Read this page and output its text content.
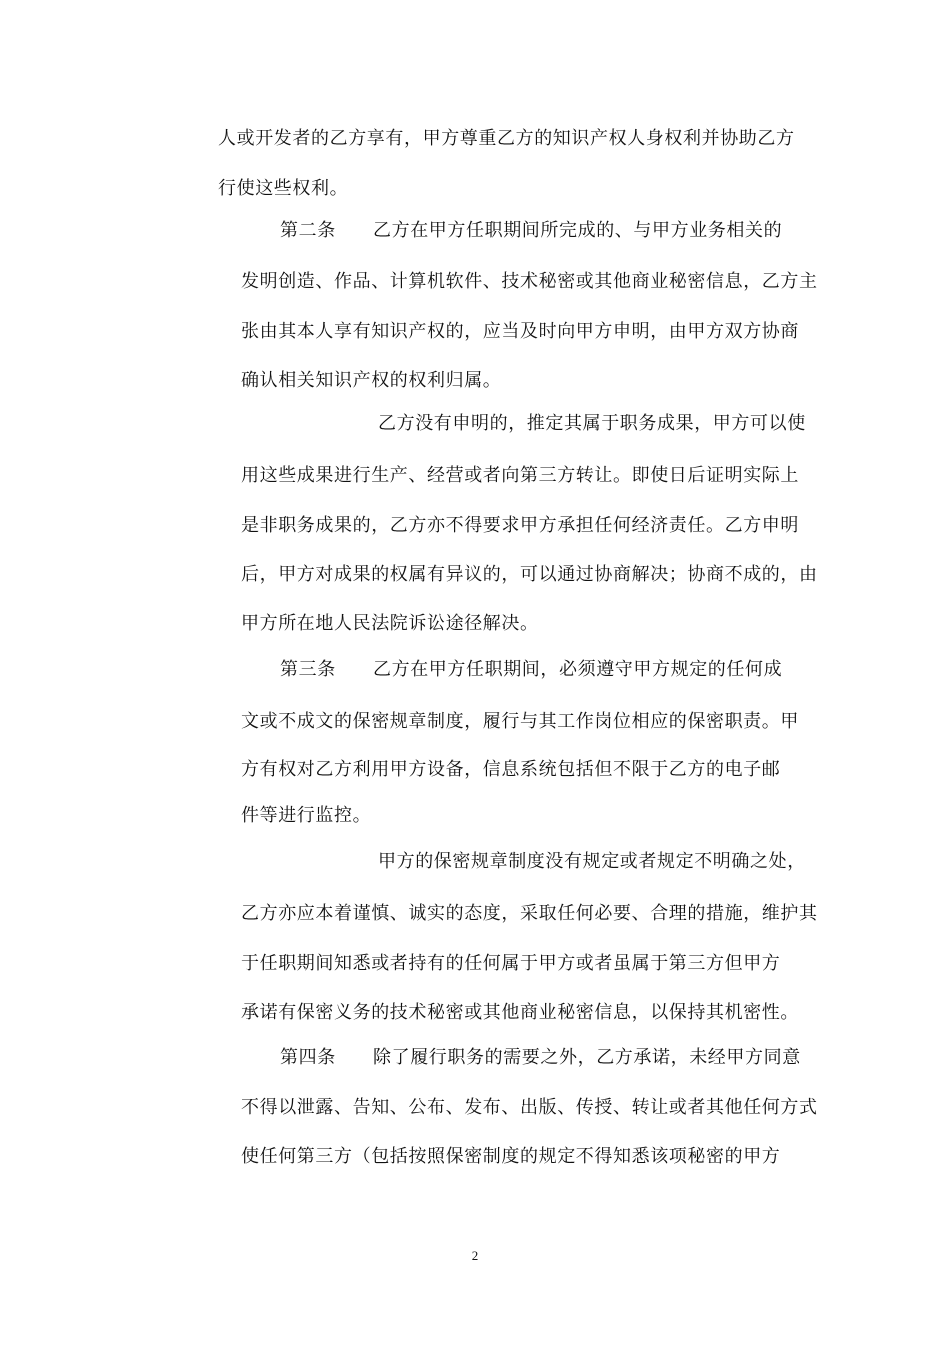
人或开发者的乙方享有，甲方尊重乙方的知识产权人身权利并协助乙方
行使这些权利。
第二条　　乙方在甲方任职期间所完成的、与甲方业务相关的
发明创造、作品、计算机软件、技术秘密或其他商业秘密信息，乙方主
张由其本人享有知识产权的，应当及时向甲方申明，由甲方双方协商
确认相关知识产权的权利归属。
乙方没有申明的，推定其属于职务成果，甲方可以使
用这些成果进行生产、经营或者向第三方转让。即使日后证明实际上
是非职务成果的，乙方亦不得要求甲方承担任何经济责任。乙方申明
后，甲方对成果的权属有异议的，可以通过协商解决；协商不成的，由
甲方所在地人民法院诉讼途径解决。
第三条　　乙方在甲方任职期间，必须遵守甲方规定的任何成
文或不成文的保密规章制度，履行与其工作岗位相应的保密职责。甲
方有权对乙方利用甲方设备，信息系统包括但不限于乙方的电子邮
件等进行监控。
甲方的保密规章制度没有规定或者规定不明确之处，
乙方亦应本着谨慎、诚实的态度，采取任何必要、合理的措施，维护其
于任职期间知悉或者持有的任何属于甲方或者虽属于第三方但甲方
承诺有保密义务的技术秘密或其他商业秘密信息，以保持其机密性。
第四条　　除了履行职务的需要之外，乙方承诺，未经甲方同意
不得以泄露、告知、公布、发布、出版、传授、转让或者其他任何方式
使任何第三方（包括按照保密制度的规定不得知悉该项秘密的甲方
2
